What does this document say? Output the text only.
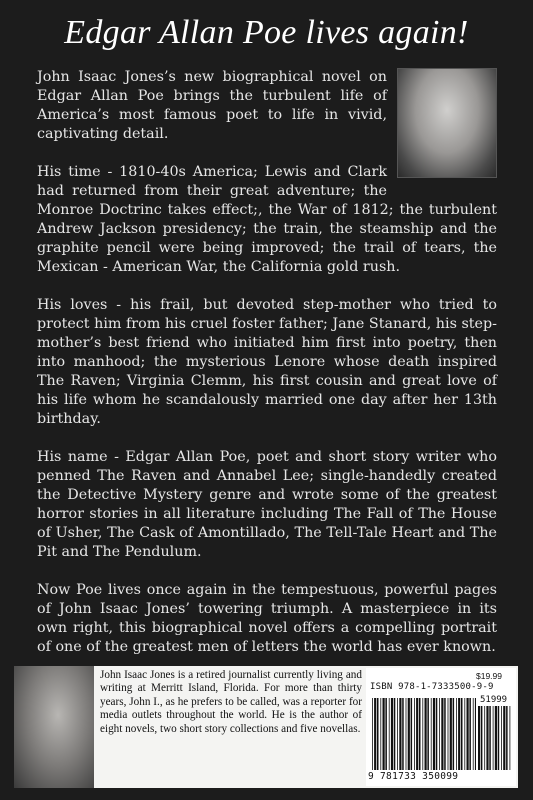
Edgar Allan Poe lives again!

John Isaac Jones’s new biographical novel on Edgar Allan Poe brings the turbulent life of America’s most famous poet to life in vivid, captivating detail.

His time - 1810-40s America; Lewis and Clark had returned from their great adventure; the Monroe Doctrinc takes effect;, the War of 1812; the turbulent Andrew Jackson presidency; the train, the steamship and the graphite pencil were being improved; the trail of tears, the Mexican - American War, the California gold rush.

His loves - his frail, but devoted step-mother who tried to protect him from his cruel foster father; Jane Stanard, his step-mother’s best friend who initiated him first into poetry, then into manhood; the mysterious Lenore whose death inspired The Raven; Virginia Clemm, his first cousin and great love of his life whom he scandalously married one day after her 13th birthday.

His name - Edgar Allan Poe, poet and short story writer who penned The Raven and Annabel Lee; single-handedly created the Detective Mystery genre and wrote some of the greatest horror stories in all literature including The Fall of The House of Usher, The Cask of Amontillado, The Tell-Tale Heart and The Pit and The Pendulum.

Now Poe lives once again in the tempestuous, powerful pages of John Isaac Jones’ towering triumph. A masterpiece in its own right, this biographical novel offers a compelling portrait of one of the greatest men of letters the world has ever known.

John Isaac Jones is a retired journalist currently living and writing at Merritt Island, Florida. For more than thirty years, John I., as he prefers to be called, was a reporter for media outlets throughout the world. He is the author of eight novels, two short story collections and five novellas.
$19.99
ISBN 978-1-7333500-9-9
51999
9 781733 350099
